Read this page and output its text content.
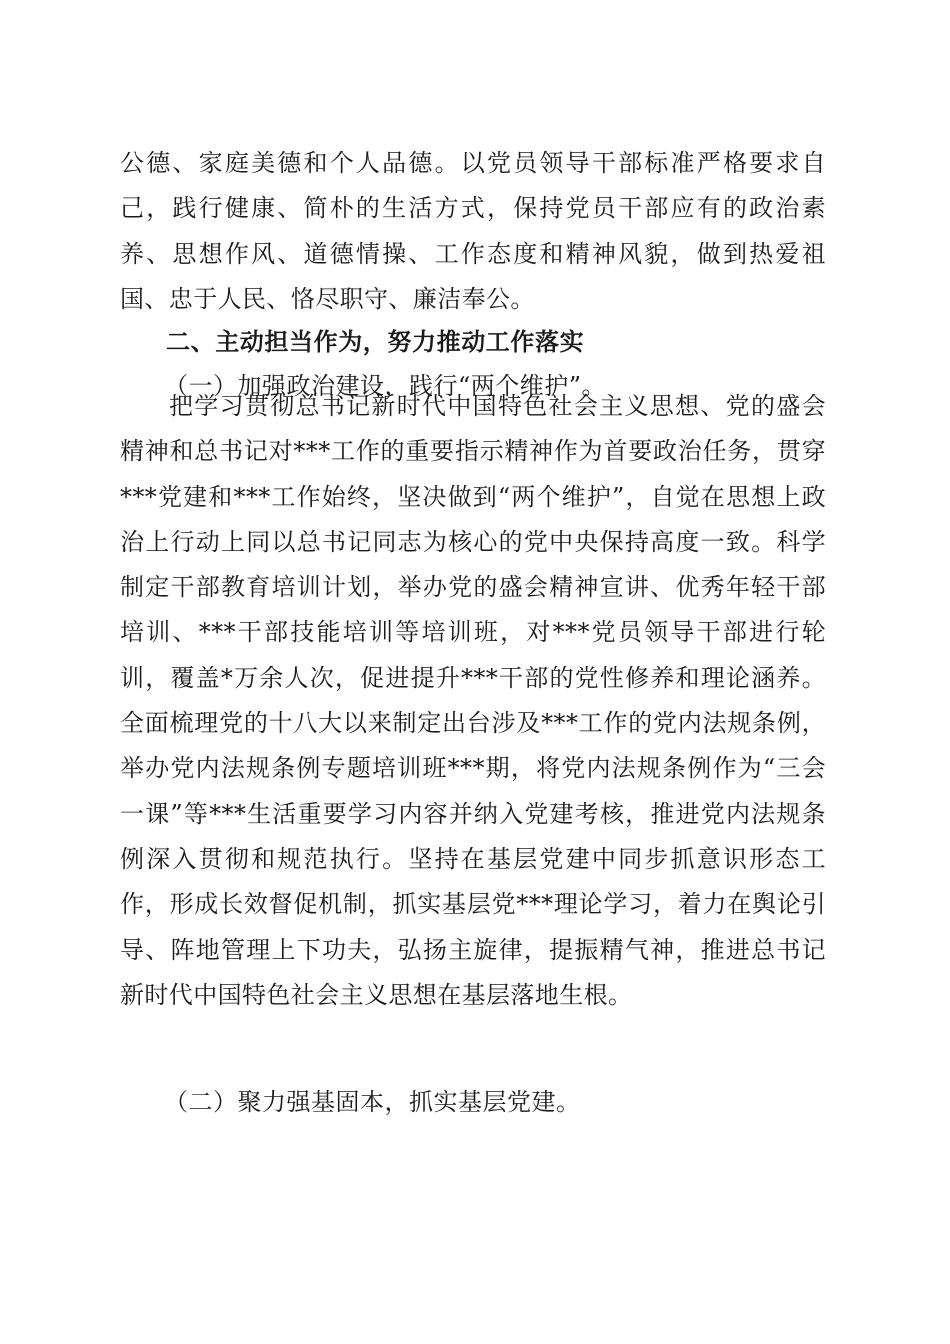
公德、家庭美德和个人品德。以党员领导干部标准严格要求自己，践行健康、简朴的生活方式，保持党员干部应有的政治素养、思想作风、道德情操、工作态度和精神风貌，做到热爱祖国、忠于人民、恪尽职守、廉洁奉公。

二、主动担当作为，努力推动工作落实
（一）加强政治建设，践行“两个维护”。

把学习贯彻总书记新时代中国特色社会主义思想、党的盛会精神和总书记对***工作的重要指示精神作为首要政治任务，贯穿***党建和***工作始终，坚决做到“两个维护”，自觉在思想上政治上行动上同以总书记同志为核心的党中央保持高度一致。科学制定干部教育培训计划，举办党的盛会精神宣讲、优秀年轻干部培训、***干部技能培训等培训班，对***党员领导干部进行轮训，覆盖*万余人次，促进提升***干部的党性修养和理论涵养。全面梳理党的十八大以来制定出台涉及***工作的党内法规条例，举办党内法规条例专题培训班***期，将党内法规条例作为“三会一课”等***生活重要学习内容并纳入党建考核，推进党内法规条例深入贯彻和规范执行。坚持在基层党建中同步抓意识形态工作，形成长效督促机制，抓实基层党***理论学习，着力在舆论引导、阵地管理上下功夫，弘扬主旋律，提振精气神，推进总书记新时代中国特色社会主义思想在基层落地生根。

（二）聚力强基固本，抓实基层党建。
